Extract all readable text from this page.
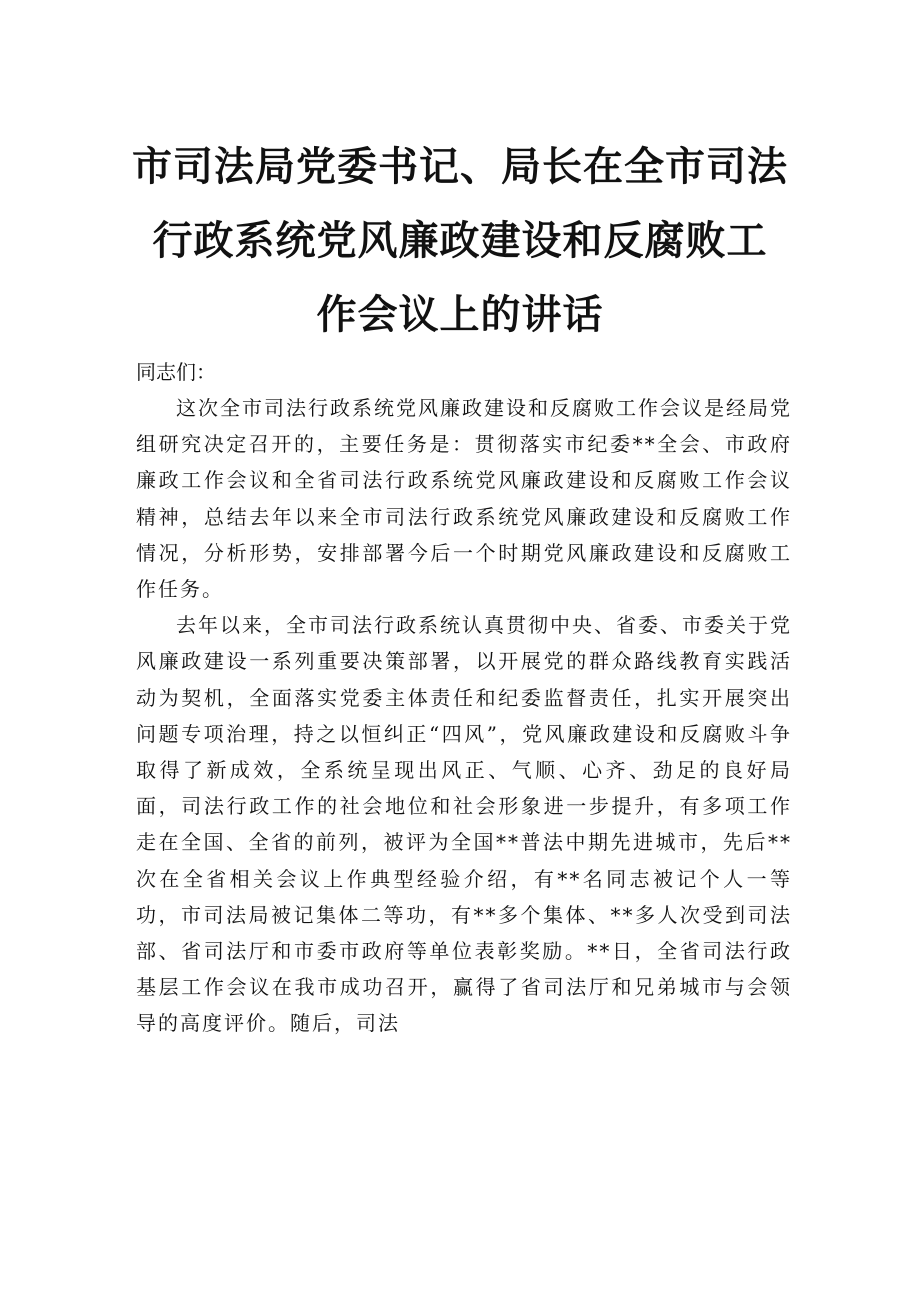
市司法局党委书记、局长在全市司法
行政系统党风廉政建设和反腐败工
作会议上的讲话

同志们：

这次全市司法行政系统党风廉政建设和反腐败工作会议是经局党组研究决定召开的，主要任务是：贯彻落实市纪委**全会、市政府廉政工作会议和全省司法行政系统党风廉政建设和反腐败工作会议精神，总结去年以来全市司法行政系统党风廉政建设和反腐败工作情况，分析形势，安排部署今后一个时期党风廉政建设和反腐败工作任务。

去年以来，全市司法行政系统认真贯彻中央、省委、市委关于党风廉政建设一系列重要决策部署，以开展党的群众路线教育实践活动为契机，全面落实党委主体责任和纪委监督责任，扎实开展突出问题专项治理，持之以恒纠正“四风”，党风廉政建设和反腐败斗争取得了新成效，全系统呈现出风正、气顺、心齐、劲足的良好局面，司法行政工作的社会地位和社会形象进一步提升，有多项工作走在全国、全省的前列，被评为全国**普法中期先进城市，先后**次在全省相关会议上作典型经验介绍，有**名同志被记个人一等功，市司法局被记集体二等功，有**多个集体、**多人次受到司法部、省司法厅和市委市政府等单位表彰奖励。**日，全省司法行政基层工作会议在我市成功召开，赢得了省司法厅和兄弟城市与会领导的高度评价。随后，司法
